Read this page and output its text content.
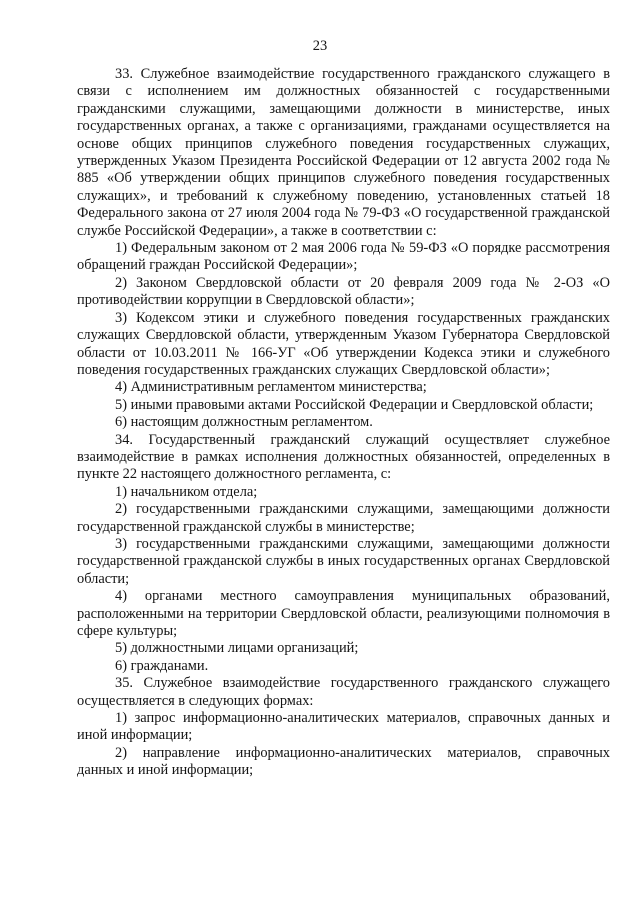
23

33. Служебное взаимодействие государственного гражданского служащего в связи с исполнением им должностных обязанностей с государственными гражданскими служащими, замещающими должности в министерстве, иных государственных органах, а также с организациями, гражданами осуществляется на основе общих принципов служебного поведения государственных служащих, утвержденных Указом Президента Российской Федерации от 12 августа 2002 года № 885 «Об утверждении общих принципов служебного поведения государственных служащих», и требований к служебному поведению, установленных статьей 18 Федерального закона от 27 июля 2004 года № 79-ФЗ «О государственной гражданской службе Российской Федерации», а также в соответствии с:

1) Федеральным законом от 2 мая 2006 года № 59-ФЗ «О порядке рассмотрения обращений граждан Российской Федерации»;

2) Законом Свердловской области от 20 февраля 2009 года № 2-ОЗ «О противодействии коррупции в Свердловской области»;

3) Кодексом этики и служебного поведения государственных гражданских служащих Свердловской области, утвержденным Указом Губернатора Свердловской области от 10.03.2011 № 166-УГ «Об утверждении Кодекса этики и служебного поведения государственных гражданских служащих Свердловской области»;

4) Административным регламентом министерства;

5) иными правовыми актами Российской Федерации и Свердловской области;

6) настоящим должностным регламентом.

34. Государственный гражданский служащий осуществляет служебное взаимодействие в рамках исполнения должностных обязанностей, определенных в пункте 22 настоящего должностного регламента, с:

1) начальником отдела;

2) государственными гражданскими служащими, замещающими должности государственной гражданской службы в министерстве;

3) государственными гражданскими служащими, замещающими должности государственной гражданской службы в иных государственных органах Свердловской области;

4) органами местного самоуправления муниципальных образований, расположенными на территории Свердловской области, реализующими полномочия в сфере культуры;

5) должностными лицами организаций;

6) гражданами.

35. Служебное взаимодействие государственного гражданского служащего осуществляется в следующих формах:

1) запрос информационно-аналитических материалов, справочных данных и иной информации;

2) направление информационно-аналитических материалов, справочных данных и иной информации;
